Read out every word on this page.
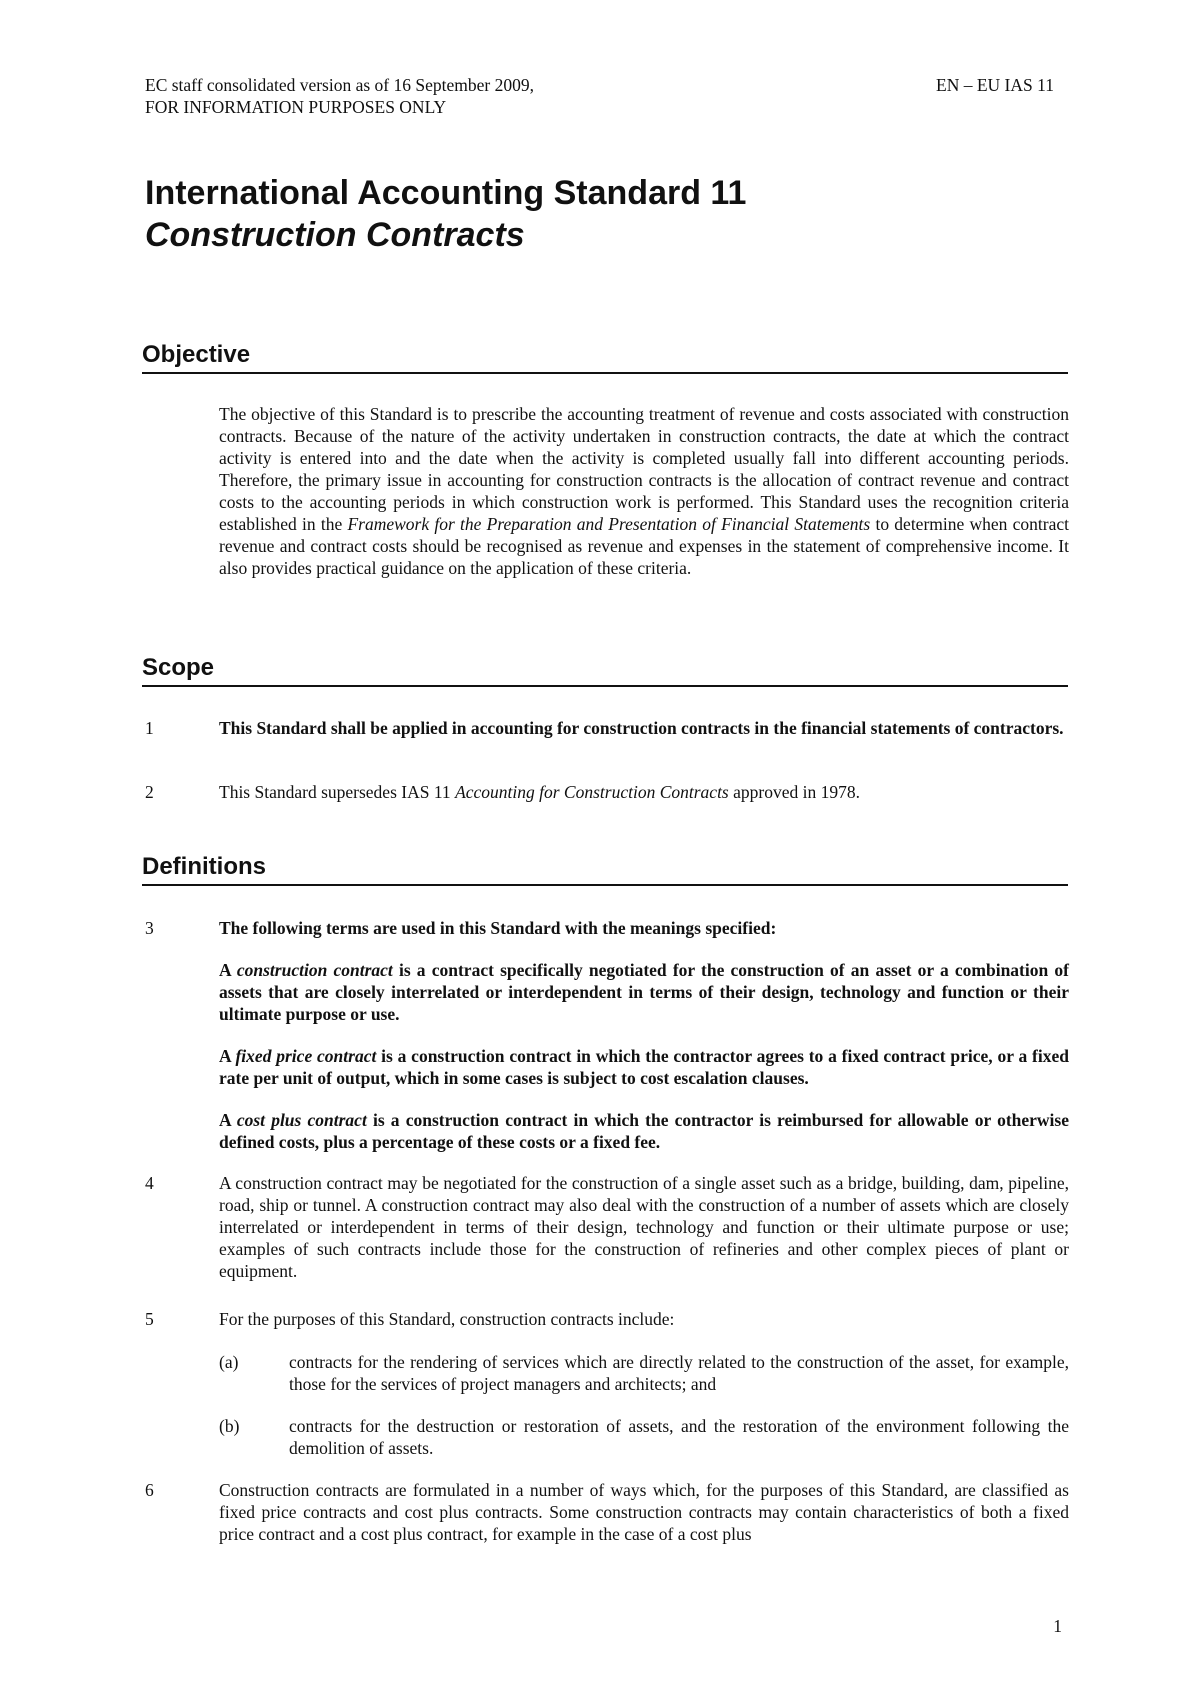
EC staff consolidated version as of 16 September 2009,
FOR INFORMATION PURPOSES ONLY
EN – EU IAS 11
International Accounting Standard 11
Construction Contracts
Objective
The objective of this Standard is to prescribe the accounting treatment of revenue and costs associated with construction contracts. Because of the nature of the activity undertaken in construction contracts, the date at which the contract activity is entered into and the date when the activity is completed usually fall into different accounting periods. Therefore, the primary issue in accounting for construction contracts is the allocation of contract revenue and contract costs to the accounting periods in which construction work is performed. This Standard uses the recognition criteria established in the Framework for the Preparation and Presentation of Financial Statements to determine when contract revenue and contract costs should be recognised as revenue and expenses in the statement of comprehensive income. It also provides practical guidance on the application of these criteria.
Scope
1	This Standard shall be applied in accounting for construction contracts in the financial statements of contractors.
2	This Standard supersedes IAS 11 Accounting for Construction Contracts approved in 1978.
Definitions
3	The following terms are used in this Standard with the meanings specified:
A construction contract is a contract specifically negotiated for the construction of an asset or a combination of assets that are closely interrelated or interdependent in terms of their design, technology and function or their ultimate purpose or use.
A fixed price contract is a construction contract in which the contractor agrees to a fixed contract price, or a fixed rate per unit of output, which in some cases is subject to cost escalation clauses.
A cost plus contract is a construction contract in which the contractor is reimbursed for allowable or otherwise defined costs, plus a percentage of these costs or a fixed fee.
4	A construction contract may be negotiated for the construction of a single asset such as a bridge, building, dam, pipeline, road, ship or tunnel. A construction contract may also deal with the construction of a number of assets which are closely interrelated or interdependent in terms of their design, technology and function or their ultimate purpose or use; examples of such contracts include those for the construction of refineries and other complex pieces of plant or equipment.
5	For the purposes of this Standard, construction contracts include:
(a)	contracts for the rendering of services which are directly related to the construction of the asset, for example, those for the services of project managers and architects; and
(b)	contracts for the destruction or restoration of assets, and the restoration of the environment following the demolition of assets.
6	Construction contracts are formulated in a number of ways which, for the purposes of this Standard, are classified as fixed price contracts and cost plus contracts. Some construction contracts may contain characteristics of both a fixed price contract and a cost plus contract, for example in the case of a cost plus
1
